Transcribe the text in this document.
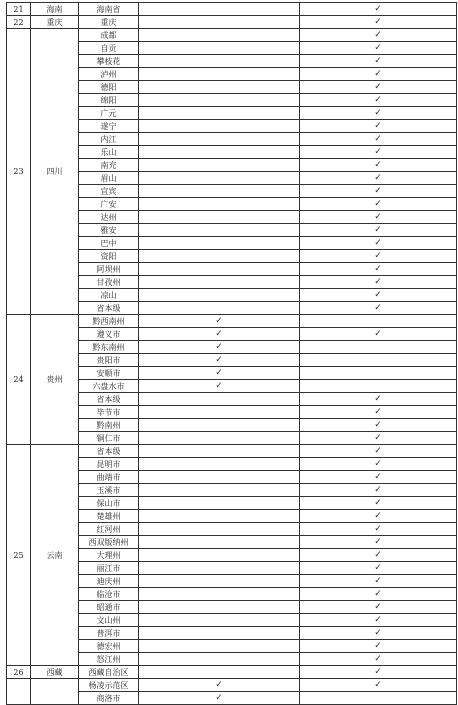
21	海南	海南省		✓
22	重庆	重庆		✓
23	四川	成都		✓
		自贡		✓
		攀枝花		✓
		泸州		✓
		德阳		✓
		绵阳		✓
		广元		✓
		遂宁		✓
		内江		✓
		乐山		✓
		南充		✓
		眉山		✓
		宜宾		✓
		广安		✓
		达州		✓
		雅安		✓
		巴中		✓
		资阳		✓
		阿坝州		✓
		甘孜州		✓
		凉山		✓
		省本级		✓
24	贵州	黔西南州	✓	
		遵义市	✓	✓
		黔东南州	✓	
		贵阳市	✓	
		安顺市	✓	
		六盘水市	✓	
		省本级		✓
		毕节市		✓
		黔南州		✓
		铜仁市		✓
25	云南	省本级		✓
		昆明市		✓
		曲靖市		✓
		玉溪市		✓
		保山市		✓
		楚雄州		✓
		红河州		✓
		西双版纳州		✓
		大理州		✓
		丽江市		✓
		迪庆州		✓
		临沧市		✓
		昭通市		✓
		文山州		✓
		普洱市		✓
		德宏州		✓
		怒江州		✓
26	西藏	西藏自治区		✓
		杨凌示范区	✓	✓
		商洛市	✓	
